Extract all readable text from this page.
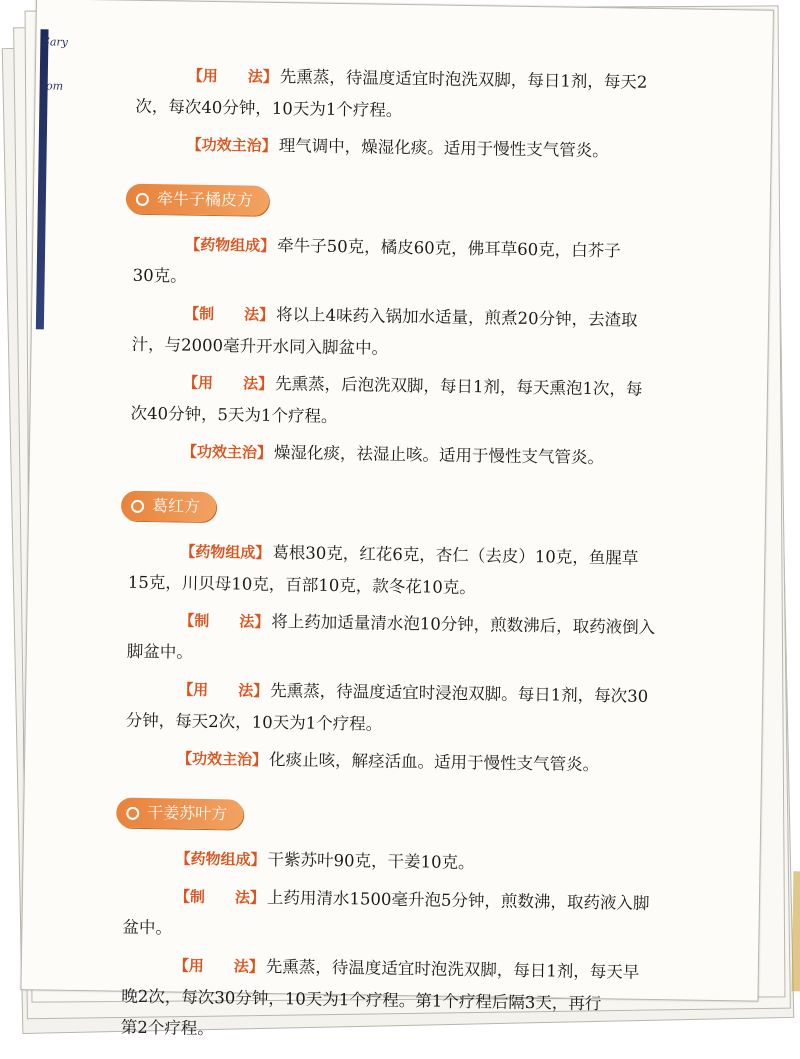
Sary
Jom	【用　　法】 先熏蒸，待温度适宜时泡洗双脚，每日1剂，每天2
次，每次40分钟，10天为1个疗程。

【功效主治】 理气调中，燥湿化痰。适用于慢性支气管炎。

牵牛子橘皮方

【药物组成】 牵牛子50克，橘皮60克，佛耳草60克，白芥子
30克。

【制　　法】 将以上4味药入锅加水适量，煎煮20分钟，去渣取
汁，与2000毫升开水同入脚盆中。

【用　　法】 先熏蒸，后泡洗双脚，每日1剂，每天熏泡1次，每
次40分钟，5天为1个疗程。

【功效主治】 燥湿化痰，祛湿止咳。适用于慢性支气管炎。

葛红方

【药物组成】 葛根30克，红花6克，杏仁（去皮）10克，鱼腥草
15克，川贝母10克，百部10克，款冬花10克。

【制　　法】 将上药加适量清水泡10分钟，煎数沸后，取药液倒入
脚盆中。

【用　　法】 先熏蒸，待温度适宜时浸泡双脚。每日1剂，每次30
分钟，每天2次，10天为1个疗程。

【功效主治】 化痰止咳，解痉活血。适用于慢性支气管炎。

干姜苏叶方

【药物组成】 干紫苏叶90克，干姜10克。

【制　　法】 上药用清水1500毫升泡5分钟，煎数沸，取药液入脚
盆中。

【用　　法】 先熏蒸，待温度适宜时泡洗双脚，每日1剂，每天早
晚2次，每次30分钟，10天为1个疗程。第1个疗程后隔3天，再行
第2个疗程。
